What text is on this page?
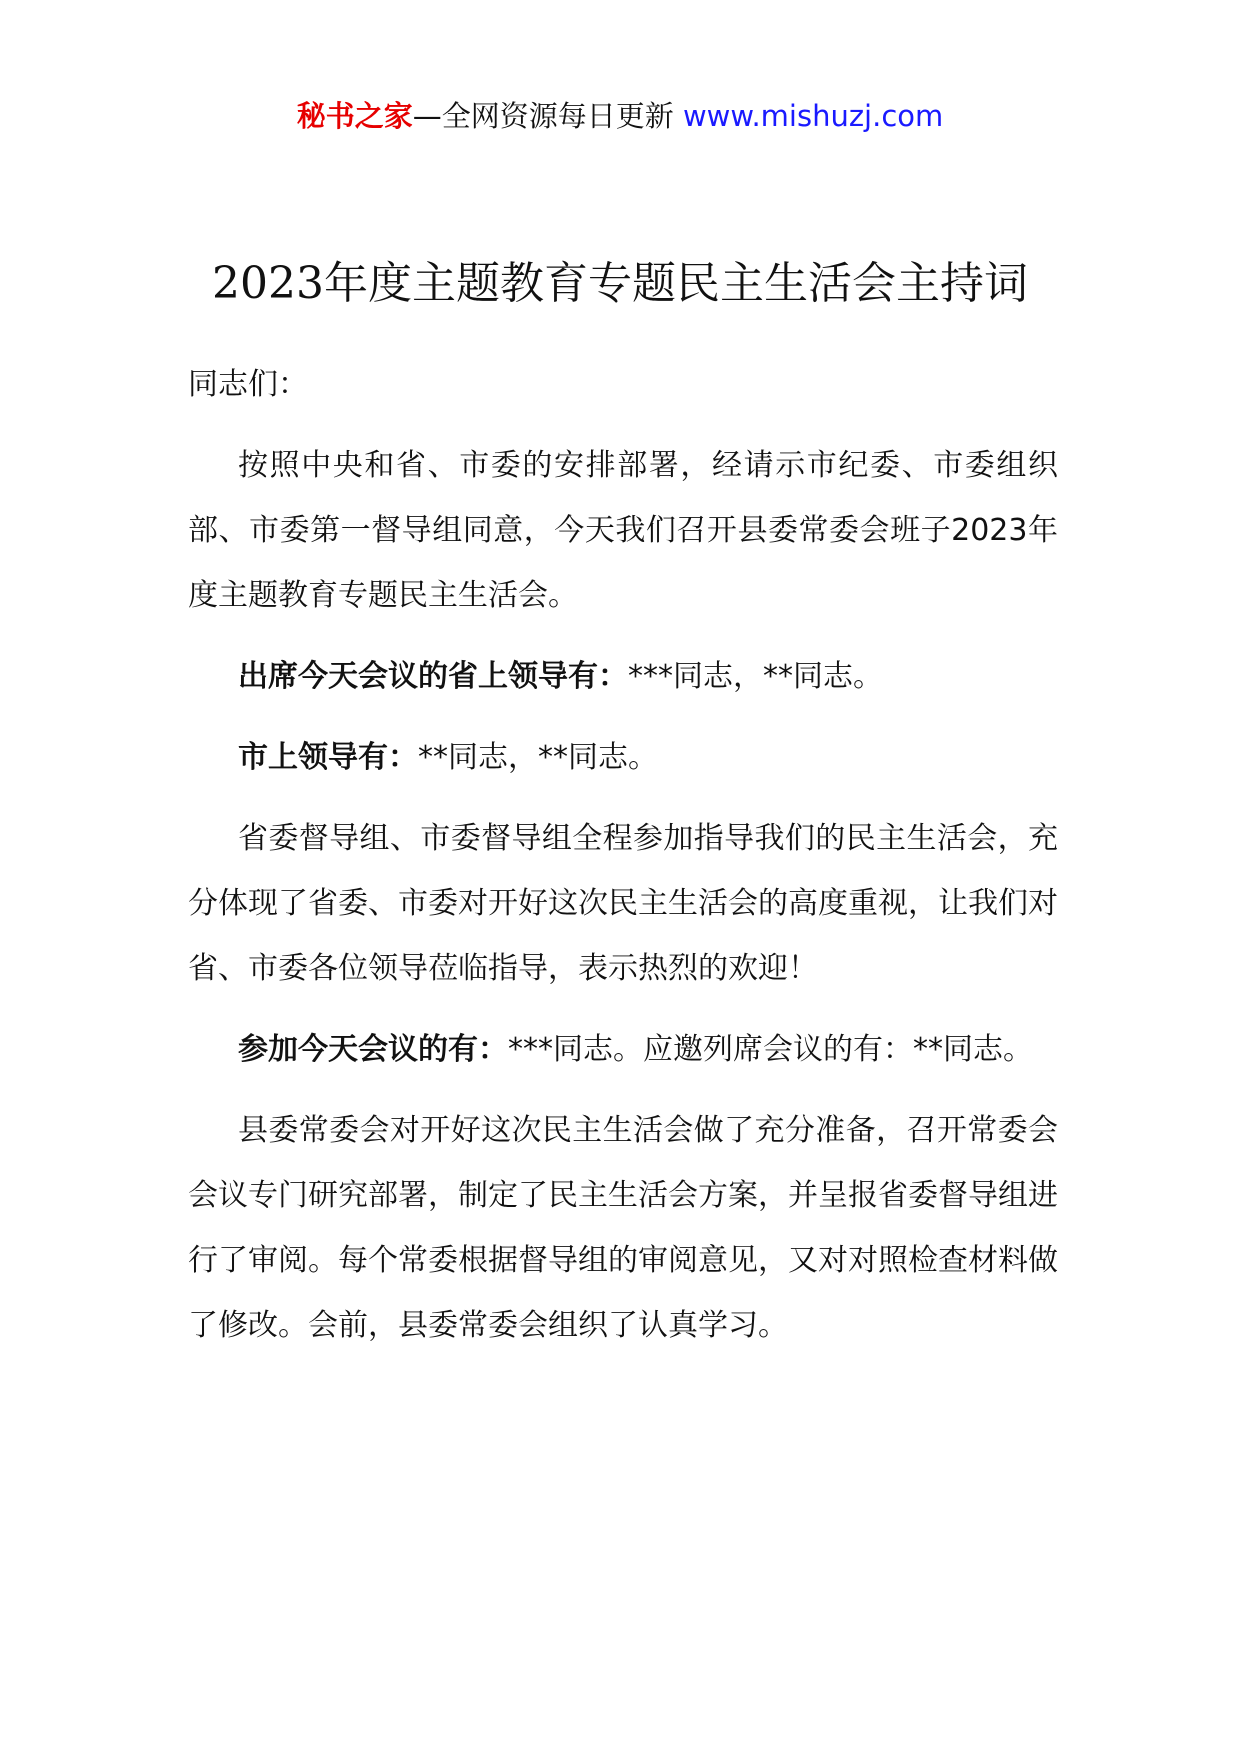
秘书之家—全网资源每日更新 www.mishuzj.com
2023年度主题教育专题民主生活会主持词

同志们：

按照中央和省、市委的安排部署，经请示市纪委、市委组织部、市委第一督导组同意，今天我们召开县委常委会班子2023年度主题教育专题民主生活会。

出席今天会议的省上领导有：***同志，**同志。

市上领导有：**同志，**同志。

省委督导组、市委督导组全程参加指导我们的民主生活会，充分体现了省委、市委对开好这次民主生活会的高度重视，让我们对省、市委各位领导莅临指导，表示热烈的欢迎！

参加今天会议的有：***同志。应邀列席会议的有：**同志。

县委常委会对开好这次民主生活会做了充分准备，召开常委会会议专门研究部署，制定了民主生活会方案，并呈报省委督导组进行了审阅。每个常委根据督导组的审阅意见，又对对照检查材料做了修改。会前，县委常委会组织了认真学习。
